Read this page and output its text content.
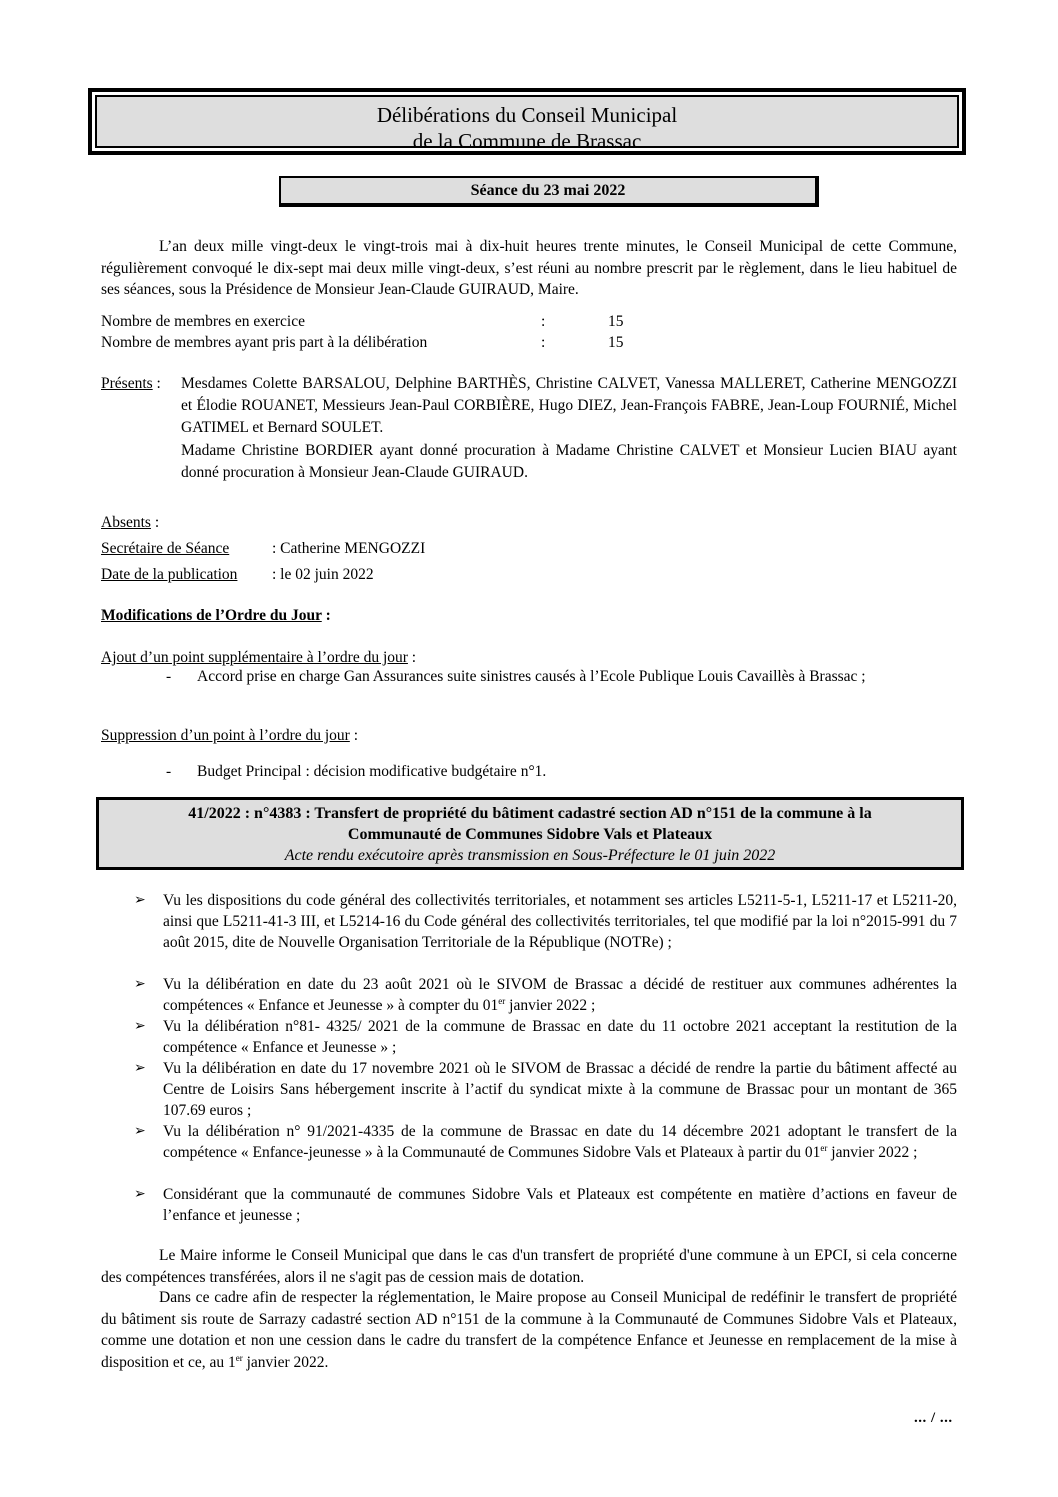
Délibérations du Conseil Municipal
de la Commune de Brassac
Séance du 23 mai 2022
L’an deux mille vingt-deux le vingt-trois mai à dix-huit heures trente minutes, le Conseil Municipal de cette Commune, régulièrement convoqué le dix-sept mai deux mille vingt-deux, s’est réuni au nombre prescrit par le règlement, dans le lieu habituel de ses séances, sous la Présidence de Monsieur Jean-Claude GUIRAUD, Maire.
Nombre de membres en exercice	:	15
Nombre de membres ayant pris part à la délibération	:	15
Présents : Mesdames Colette BARSALOU, Delphine BARTHÈS, Christine CALVET, Vanessa MALLERET, Catherine MENGOZZI et Élodie ROUANET, Messieurs Jean-Paul CORBIÈRE, Hugo DIEZ, Jean-François FABRE, Jean-Loup FOURNIÉ, Michel GATIMEL et Bernard SOULET.
Madame Christine BORDIER ayant donné procuration à Madame Christine CALVET et Monsieur Lucien BIAU ayant donné procuration à Monsieur Jean-Claude GUIRAUD.
Absents :
Secrétaire de Séance	: Catherine MENGOZZI
Date de la publication : le 02 juin 2022
Modifications de l’Ordre du Jour :
Ajout d’un point supplémentaire à l’ordre du jour :
- Accord prise en charge Gan Assurances suite sinistres causés à l’Ecole Publique Louis Cavaillès à Brassac ;
Suppression d’un point à l’ordre du jour :
- Budget Principal : décision modificative budgétaire n°1.
41/2022 : n°4383 : Transfert de propriété du bâtiment cadastré section AD n°151 de la commune à la
Communauté de Communes Sidobre Vals et Plateaux
Acte rendu exécutoire après transmission en Sous-Préfecture le 01 juin 2022
➢ Vu les dispositions du code général des collectivités territoriales, et notamment ses articles L5211-5-1, L5211-17 et L5211-20, ainsi que L5211-41-3 III, et L5214-16 du Code général des collectivités territoriales, tel que modifié par la loi n°2015-991 du 7 août 2015, dite de Nouvelle Organisation Territoriale de la République (NOTRe) ;
➢ Vu la délibération en date du 23 août 2021 où le SIVOM de Brassac a décidé de restituer aux communes adhérentes la compétences « Enfance et Jeunesse » à compter du 01er janvier 2022 ;
➢ Vu la délibération n°81- 4325/ 2021 de la commune de Brassac en date du 11 octobre 2021 acceptant la restitution de la compétence « Enfance et Jeunesse » ;
➢ Vu la délibération en date du 17 novembre 2021 où le SIVOM de Brassac a décidé de rendre la partie du bâtiment affecté au Centre de Loisirs Sans hébergement inscrite à l’actif du syndicat mixte à la commune de Brassac pour un montant de 365 107.69 euros ;
➢ Vu la délibération n° 91/2021-4335 de la commune de Brassac en date du 14 décembre 2021 adoptant le transfert de la compétence « Enfance-jeunesse » à la Communauté de Communes Sidobre Vals et Plateaux à partir du 01er janvier 2022 ;
➢ Considérant que la communauté de communes Sidobre Vals et Plateaux est compétente en matière d’actions en faveur de l’enfance et jeunesse ;
Le Maire informe le Conseil Municipal que dans le cas d'un transfert de propriété d'une commune à un EPCI, si cela concerne des compétences transférées, alors il ne s'agit pas de cession mais de dotation.
Dans ce cadre afin de respecter la réglementation, le Maire propose au Conseil Municipal de redéfinir le transfert de propriété du bâtiment sis route de Sarrazy cadastré section AD n°151 de la commune à la Communauté de Communes Sidobre Vals et Plateaux, comme une dotation et non une cession dans le cadre du transfert de la compétence Enfance et Jeunesse en remplacement de la mise à disposition et ce, au 1er janvier 2022.
... / ...
